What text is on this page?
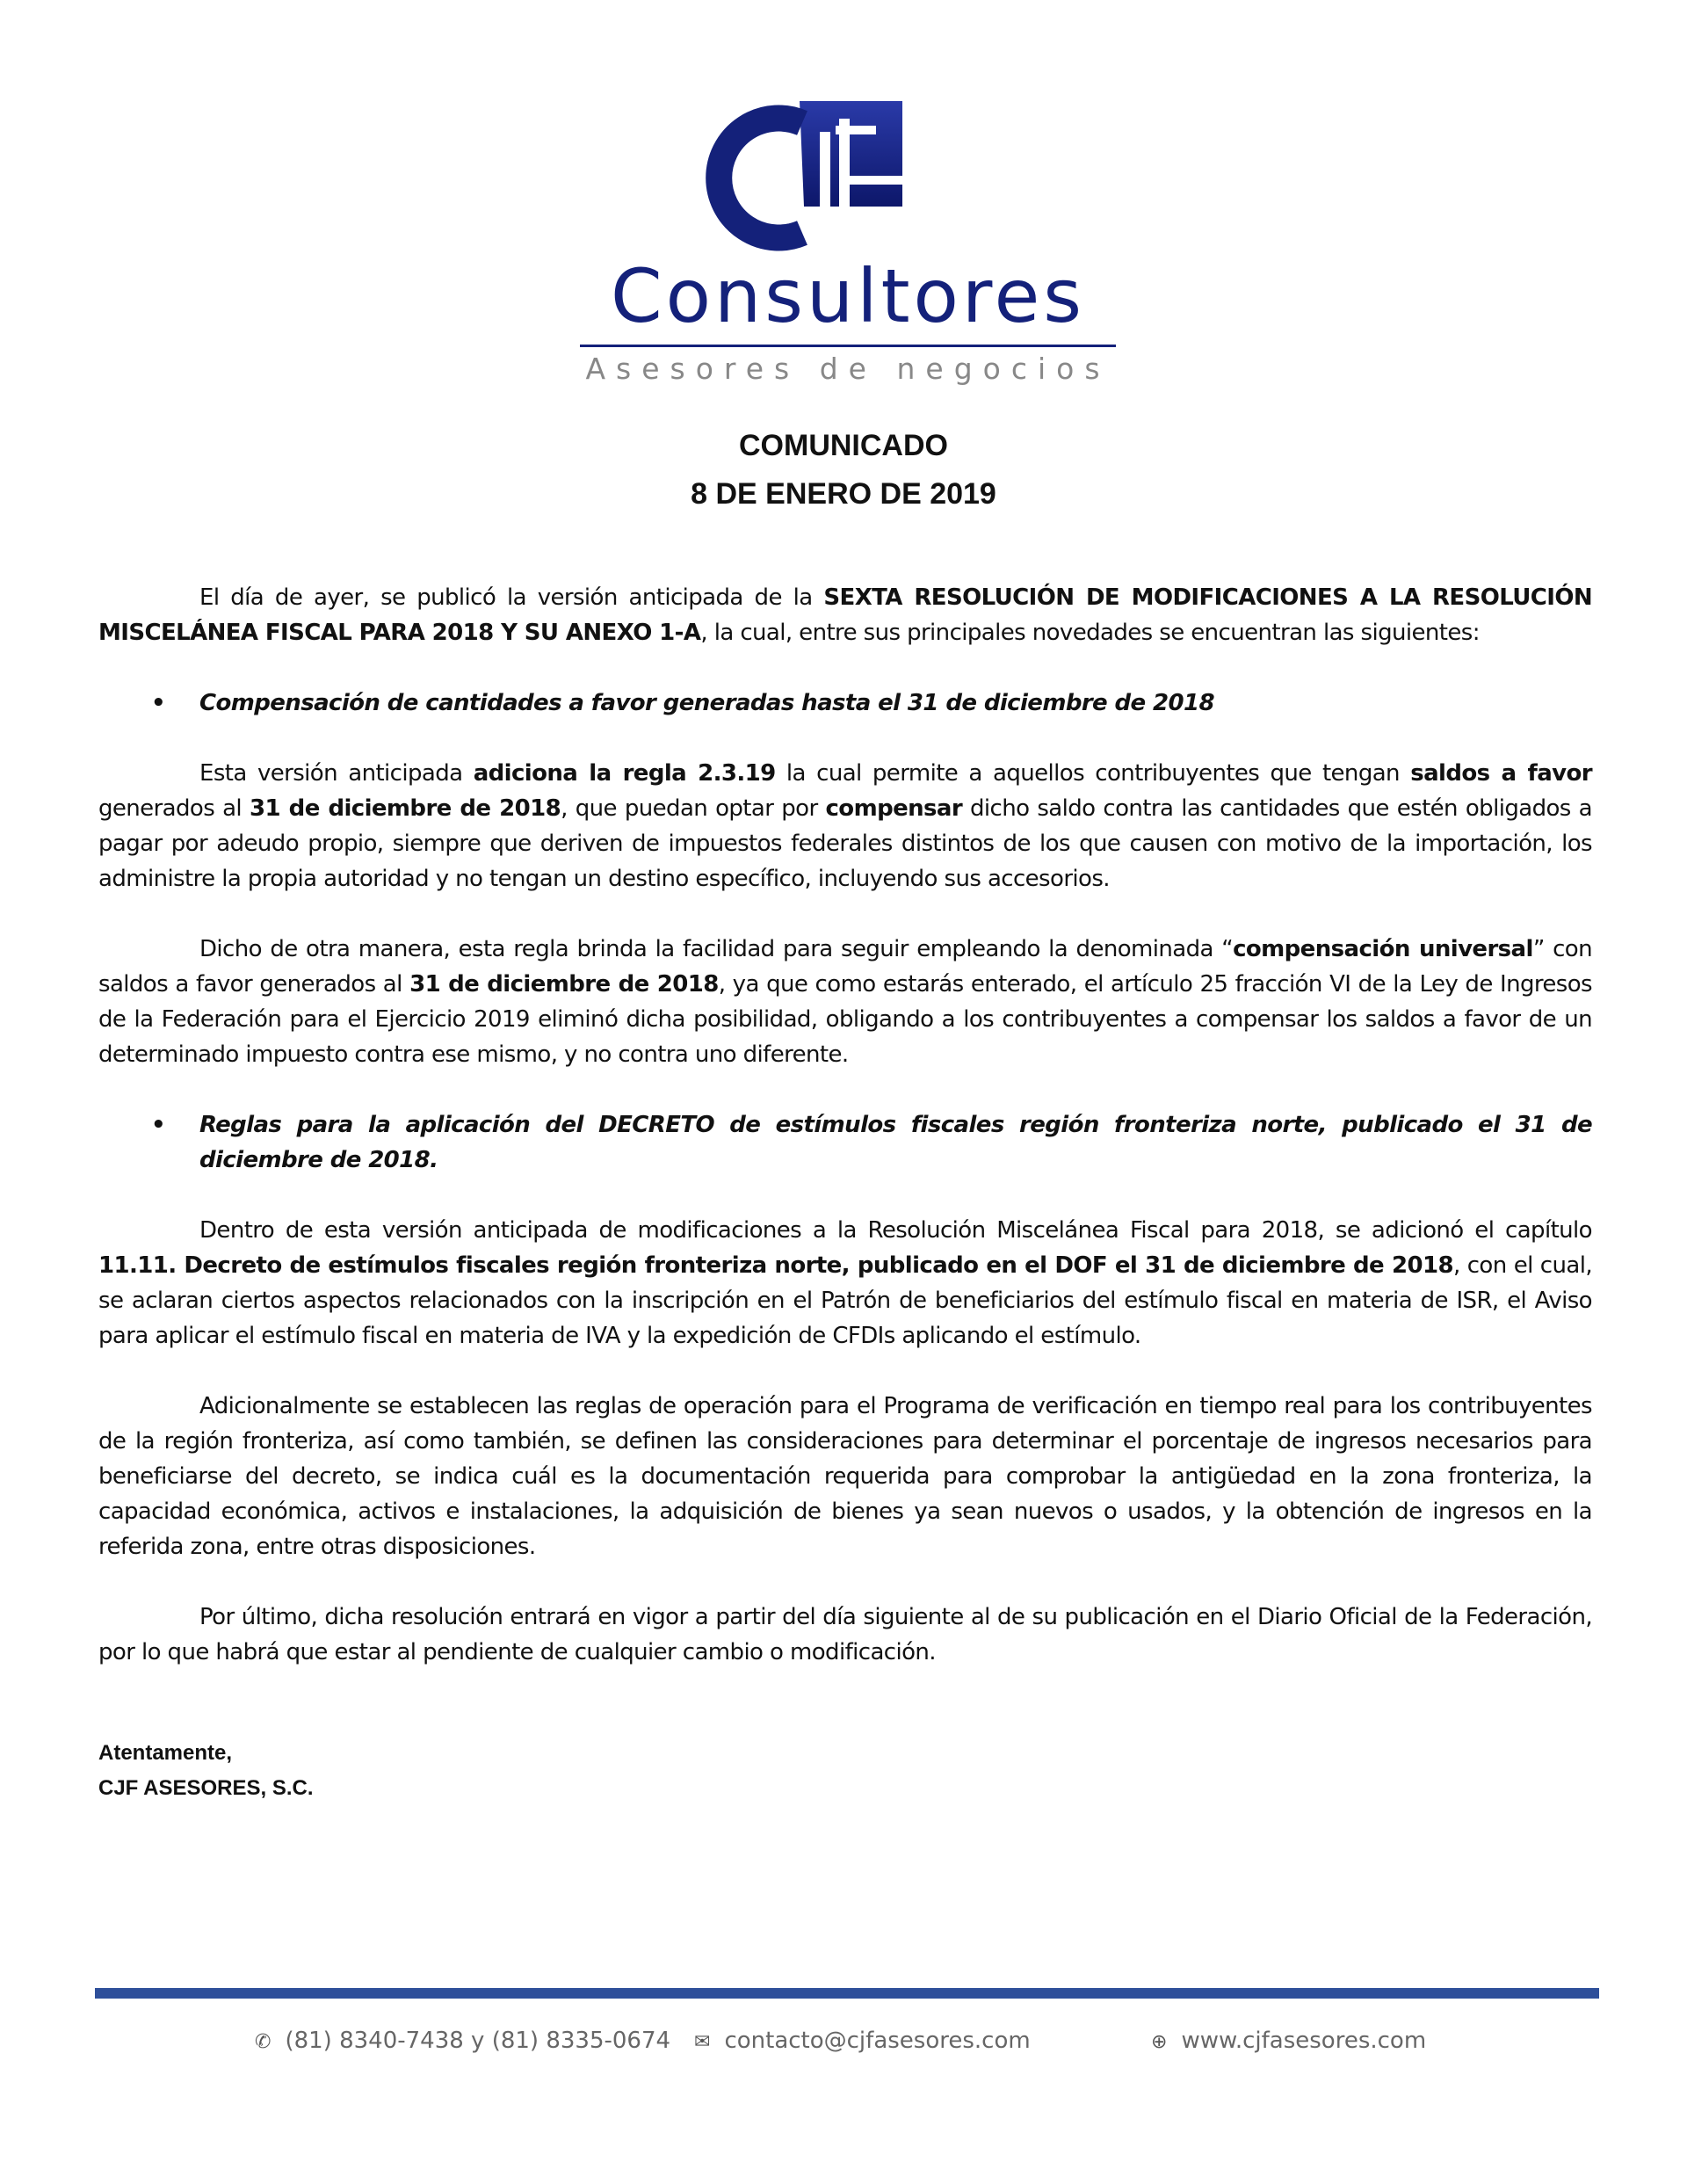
Consultores
Asesores de negocios
COMUNICADO
8 DE ENERO DE 2019

El día de ayer, se publicó la versión anticipada de la SEXTA RESOLUCIÓN DE MODIFICACIONES A LA RESOLUCIÓN MISCELÁNEA FISCAL PARA 2018 Y SU ANEXO 1-A, la cual, entre sus principales novedades se encuentran las siguientes:

• Compensación de cantidades a favor generadas hasta el 31 de diciembre de 2018

Esta versión anticipada adiciona la regla 2.3.19 la cual permite a aquellos contribuyentes que tengan saldos a favor generados al 31 de diciembre de 2018, que puedan optar por compensar dicho saldo contra las cantidades que estén obligados a pagar por adeudo propio, siempre que deriven de impuestos federales distintos de los que causen con motivo de la importación, los administre la propia autoridad y no tengan un destino específico, incluyendo sus accesorios.

Dicho de otra manera, esta regla brinda la facilidad para seguir empleando la denominada “compensación universal” con saldos a favor generados al 31 de diciembre de 2018, ya que como estarás enterado, el artículo 25 fracción VI de la Ley de Ingresos de la Federación para el Ejercicio 2019 eliminó dicha posibilidad, obligando a los contribuyentes a compensar los saldos a favor de un determinado impuesto contra ese mismo, y no contra uno diferente.

• Reglas para la aplicación del DECRETO de estímulos fiscales región fronteriza norte, publicado el 31 de diciembre de 2018.

Dentro de esta versión anticipada de modificaciones a la Resolución Miscelánea Fiscal para 2018, se adicionó el capítulo 11.11. Decreto de estímulos fiscales región fronteriza norte, publicado en el DOF el 31 de diciembre de 2018, con el cual, se aclaran ciertos aspectos relacionados con la inscripción en el Patrón de beneficiarios del estímulo fiscal en materia de ISR, el Aviso para aplicar el estímulo fiscal en materia de IVA y la expedición de CFDIs aplicando el estímulo.

Adicionalmente se establecen las reglas de operación para el Programa de verificación en tiempo real para los contribuyentes de la región fronteriza, así como también, se definen las consideraciones para determinar el porcentaje de ingresos necesarios para beneficiarse del decreto, se indica cuál es la documentación requerida para comprobar la antigüedad en la zona fronteriza, la capacidad económica, activos e instalaciones, la adquisición de bienes ya sean nuevos o usados, y la obtención de ingresos en la referida zona, entre otras disposiciones.

Por último, dicha resolución entrará en vigor a partir del día siguiente al de su publicación en el Diario Oficial de la Federación, por lo que habrá que estar al pendiente de cualquier cambio o modificación.

Atentamente,
CJF ASESORES, S.C.
✆ (81) 8340-7438 y (81) 8335-0674 ✉ contacto@cjfasesores.com	⊕ www.cjfasesores.com
